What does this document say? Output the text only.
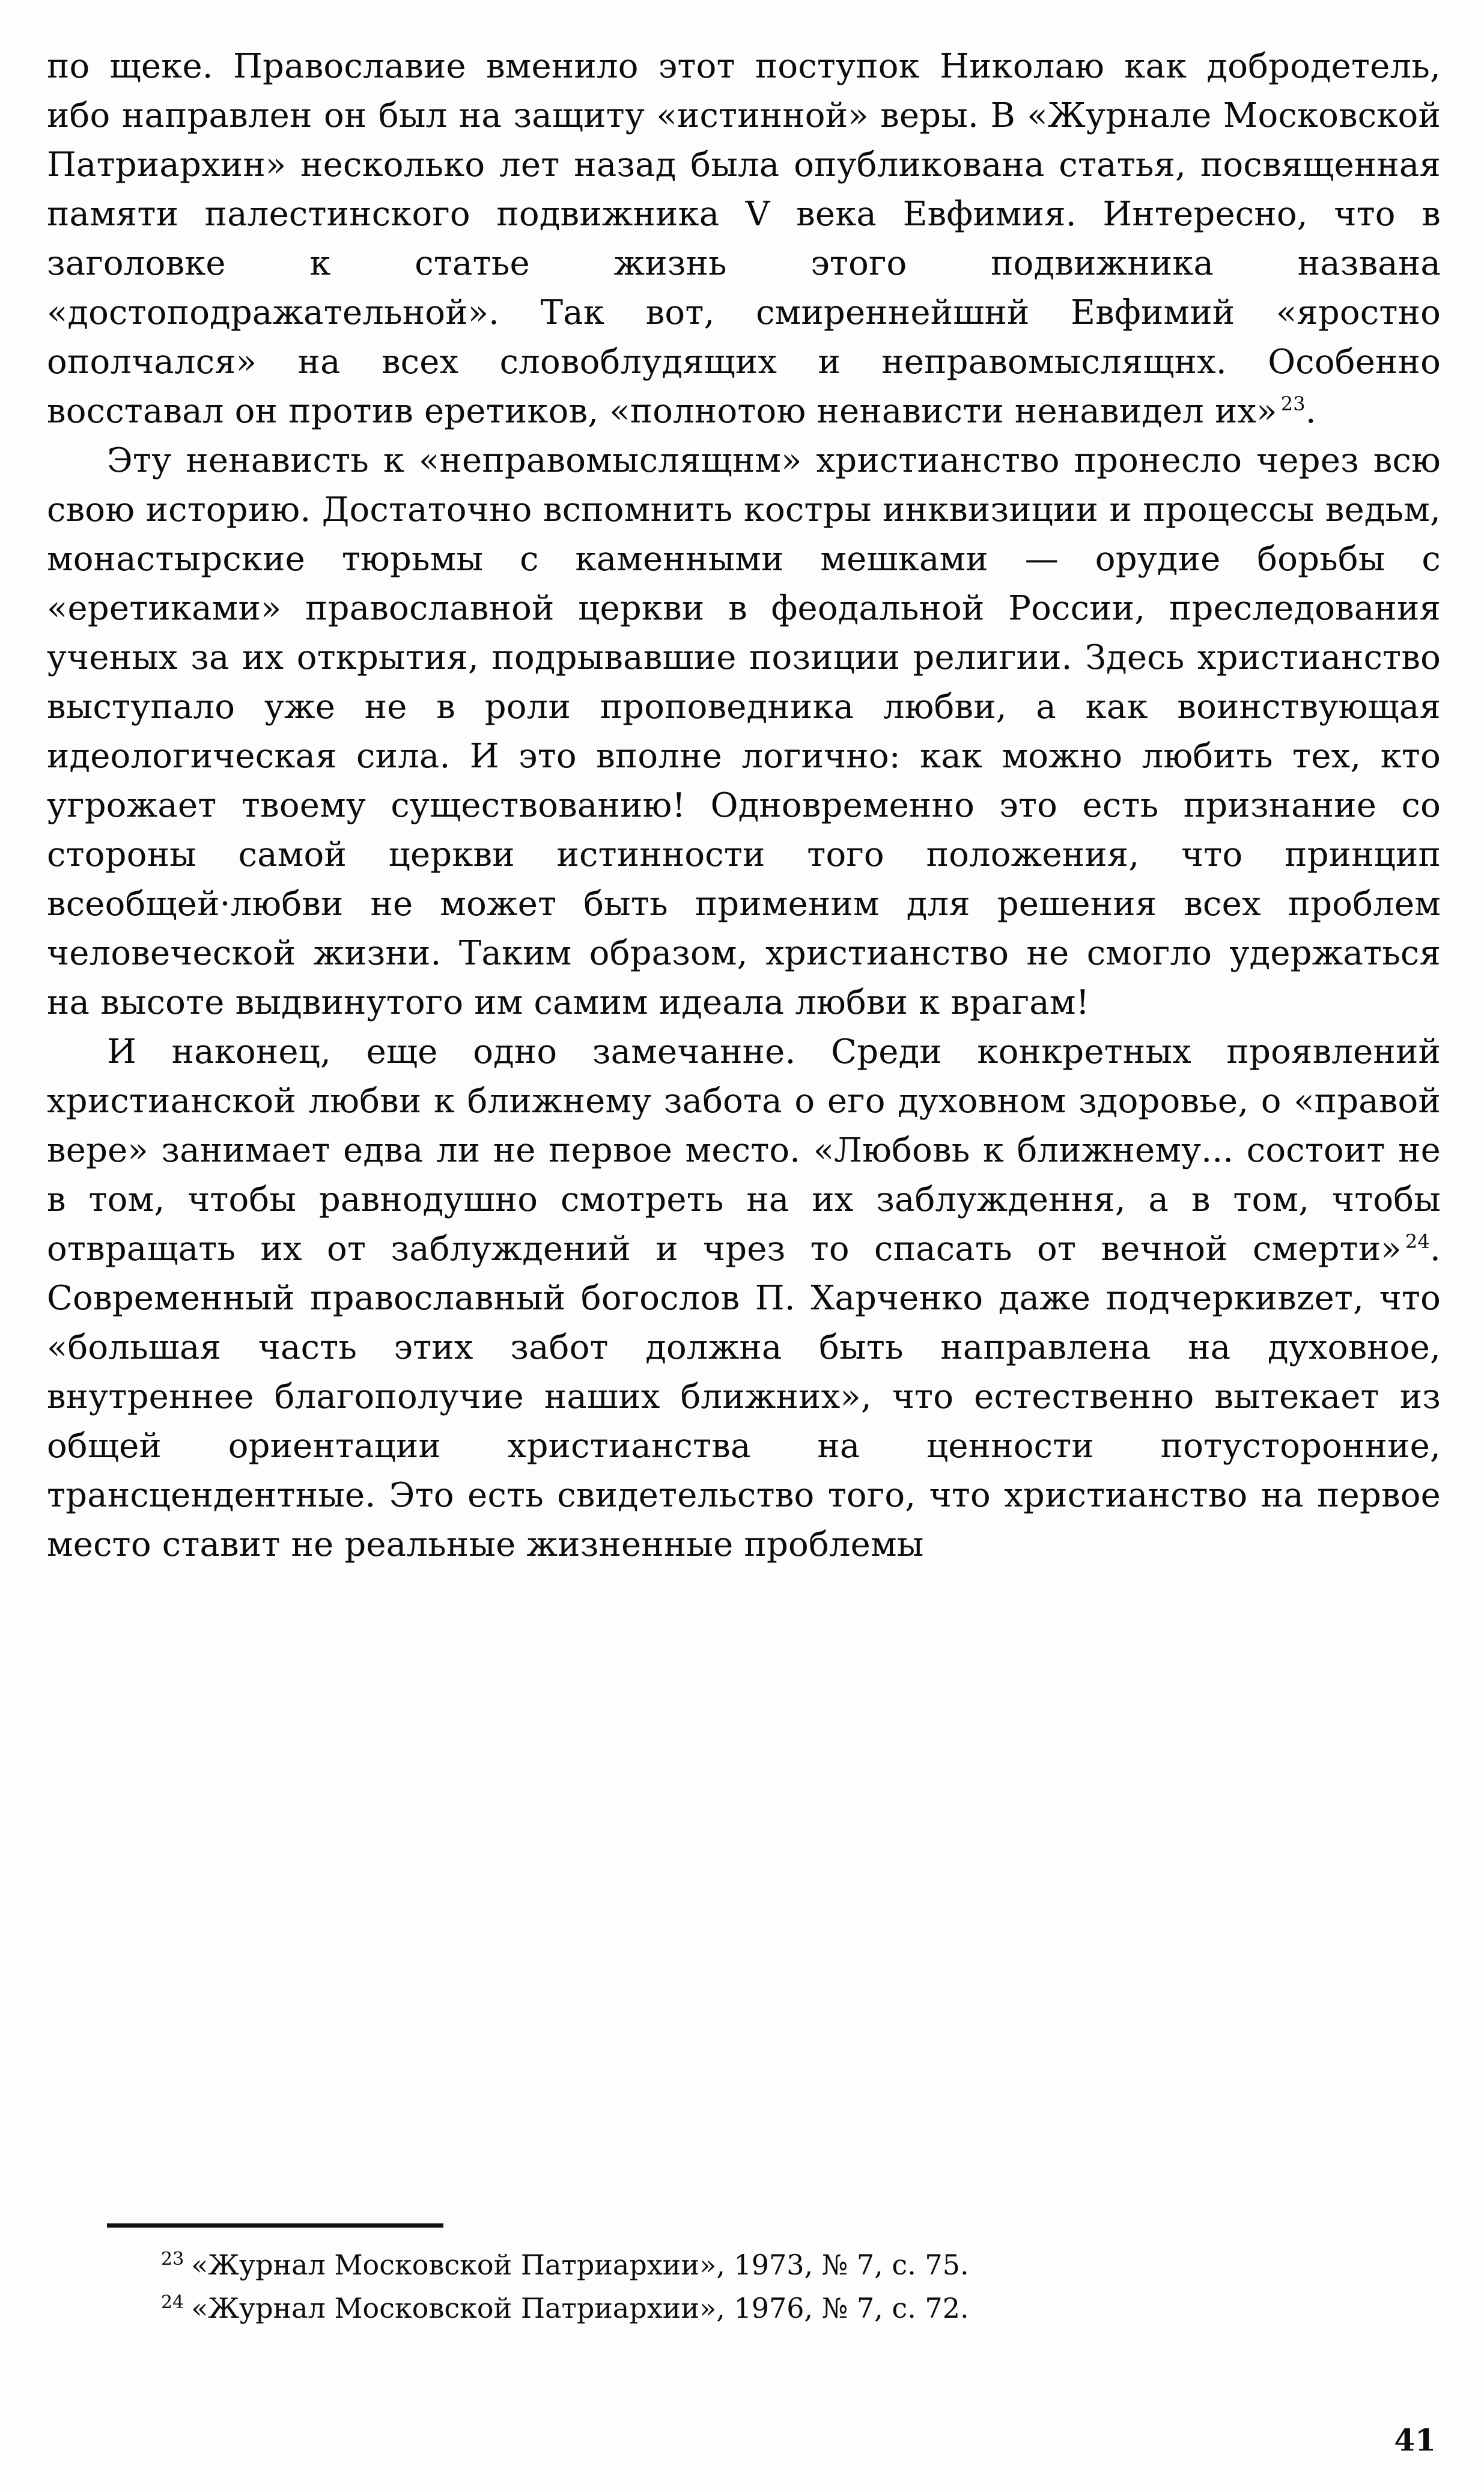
по щеке. Православие вменило этот поступок Николаю как добродетель, ибо направлен он был на защиту «истинной» веры. В «Журнале Московской Патриархин» несколько лет назад была опубликована статья, посвященная памяти палестинского подвижника V века Евфимия. Интересно, что в заголовке к статье жизнь этого подвижника названа «достоподражательной». Так вот, смиреннейшнй Евфимий «яростно ополчался» на всех словоблудящих и неправомыслящнх. Особенно восставал он против еретиков, «полнотою ненависти ненавидел их» $^{23}$.

Эту ненависть к «неправомыслящнм» христианство пронесло через всю свою историю. Достаточно вспомнить костры инквизиции и процессы ведьм, монастырские тюрьмы с каменными мешками — орудие борьбы с «еретиками» православной церкви в феодальной России, преследования ученых за их открытия, подрывавшие позиции религии. Здесь христианство выступало уже не в роли проповедника любви, а как воинствующая идеологическая сила. И это вполне логично: как можно любить тех, кто угрожает твоему существованию! Одновременно это есть признание со стороны самой церкви истинности того положения, что принцип всеобщей·любви не может быть применим для решения всех проблем человеческой жизни. Таким образом, христианство не смогло удержаться на высоте выдвинутого им самим идеала любви к врагам!

И наконец, еще одно замечанне. Среди конкретных проявлений христианской любви к ближнему забота о его духовном здоровье, о «правой вере» занимает едва ли не первое место. «Любовь к ближнему... состоит не в том, чтобы равнодушно смотреть на их заблуждення, а в том, чтобы отвращать их от заблуждений и чрез то спасать от вечной смерти» $^{24}$. Современный православный богослов П. Харченко даже подчеркивzет, что «большая часть этих забот должна быть направлена на духовное, внутреннее благополучие наших ближних», что естественно вытекает из общей ориентации христианства на ценности потусторонние, трансцендентные. Это есть свидетельство того, что христианство на первое место ставит не реальные жизненные проблемы

$^{23}$ «Журнал Московской Патриархии», 1973, № 7, с. 75.
$^{24}$ «Журнал Московской Патриархии», 1976, № 7, с. 72.
41
